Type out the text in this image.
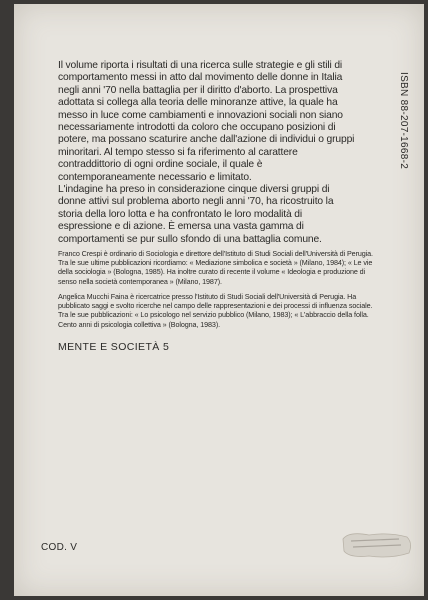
Il volume riporta i risultati di una ricerca sulle strategie e gli stili di comportamento messi in atto dal movimento delle donne in Italia negli anni '70 nella battaglia per il diritto d'aborto. La prospettiva adottata si collega alla teoria delle minoranze attive, la quale ha messo in luce come cambiamenti e innovazioni sociali non siano necessariamente introdotti da coloro che occupano posizioni di potere, ma possano scaturire anche dall'azione di individui o gruppi minoritari. Al tempo stesso si fa riferimento al carattere contraddittorio di ogni ordine sociale, il quale è contemporaneamente necessario e limitato.

L'indagine ha preso in considerazione cinque diversi gruppi di donne attivi sul problema aborto negli anni '70, ha ricostruito la storia della loro lotta e ha confrontato le loro modalità di espressione e di azione. È emersa una vasta gamma di comportamenti se pur sullo sfondo di una battaglia comune.

ISBN 88-207-1668-2

Franco Crespi è ordinario di Sociologia e direttore dell'Istituto di Studi Sociali dell'Università di Perugia. Tra le sue ultime pubblicazioni ricordiamo: « Mediazione simbolica e società » (Milano, 1984); « Le vie della sociologia » (Bologna, 1985). Ha inoltre curato di recente il volume « Ideologia e produzione di senso nella società contemporanea » (Milano, 1987).

Angelica Mucchi Faina è ricercatrice presso l'Istituto di Studi Sociali dell'Università di Perugia. Ha pubblicato saggi e svolto ricerche nel campo delle rappresentazioni e dei processi di influenza sociale. Tra le sue pubblicazioni: « Lo psicologo nel servizio pubblico (Milano, 1983); « L'abbraccio della folla. Cento anni di psicologia collettiva » (Bologna, 1983).

MENTE E SOCIETÀ 5
COD. V
